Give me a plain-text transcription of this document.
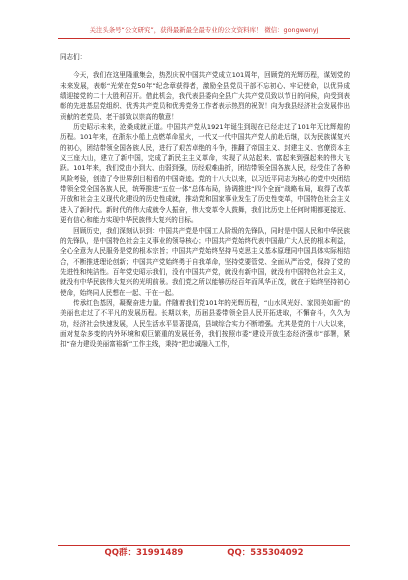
关注头条号“公文研究”，获得最新最全最专业的公文资料库！ 微信：gongwenyj

同志们：

今天，我们在这里隆重集会，热烈庆祝中国共产党成立101周年，回顾党的光辉历程，谋划党的未来发展，表彰“光荣在党50年”纪念章获得者，激励全县党员干部不忘初心、牢记使命，以优异成绩迎接党的二十大胜利召开。借此机会，我代表县委向全县广大共产党员致以节日的问候，向受到表彰的先进基层党组织、优秀共产党员和优秀党务工作者表示热烈的祝贺！向为我县经济社会发展作出贡献的老党员、老干部致以崇高的敬意！

历史昭示未来，沧桑成就正道。中国共产党从1921年诞生到现在已经走过了101年无比辉煌的历程。101年来，在浙东小船上点燃革命星火，一代又一代中国共产党人前赴后继，以为民族谋复兴的初心，团结带领全国各族人民，进行了艰苦卓绝的斗争，推翻了帝国主义、封建主义、官僚资本主义三座大山，建立了新中国，完成了新民主主义革命，实现了从站起来、富起来到强起来的伟大飞跃。101年来，我们党由小到大、由弱到强，历经艰难曲折，团结带领全国各族人民，经受住了各种风险考验，创造了令世界刮目相看的中国奇迹。党的十八大以来，以习近平同志为核心的党中央团结带领全党全国各族人民，统筹推进“五位一体”总体布局，协调推进“四个全面”战略布局，取得了改革开放和社会主义现代化建设的历史性成就，推动党和国家事业发生了历史性变革，中国特色社会主义进入了新时代。新时代的伟大成就令人振奋，伟大变革令人鼓舞，我们比历史上任何时期都更接近、更有信心和能力实现中华民族伟大复兴的目标。

回顾历史，我们深刻认识到：中国共产党是中国工人阶级的先锋队，同时是中国人民和中华民族的先锋队，是中国特色社会主义事业的领导核心；中国共产党始终代表中国最广大人民的根本利益，全心全意为人民服务是党的根本宗旨；中国共产党始终坚持马克思主义基本原理同中国具体实际相结合，不断推进理论创新；中国共产党始终勇于自我革命，坚持党要管党、全面从严治党，保持了党的先进性和纯洁性。百年党史昭示我们，没有中国共产党，就没有新中国，就没有中国特色社会主义，就没有中华民族伟大复兴的光明前景。我们党之所以能够历经百年而风华正茂，就在于始终坚持初心使命，始终同人民想在一起、干在一起。

传承红色基因，凝聚奋进力量。伴随着我们党101年的光辉历程，“山水风光好、家园美如画”的美丽也走过了不平凡的发展历程。长期以来，历届县委带领全县人民开拓进取，不懈奋斗，久久为功，经济社会快速发展，人民生活水平显著提高，县域综合实力不断增强。尤其是党的十八大以来，面对复杂多变的内外环境和艰巨繁重的发展任务，我们按照市委“建设开放生态经济强市”部署，紧扣“奋力建设美丽富裕新”工作主线，秉持“把忠诚融入工作，

QQ群：31991489	QQ：535304092
